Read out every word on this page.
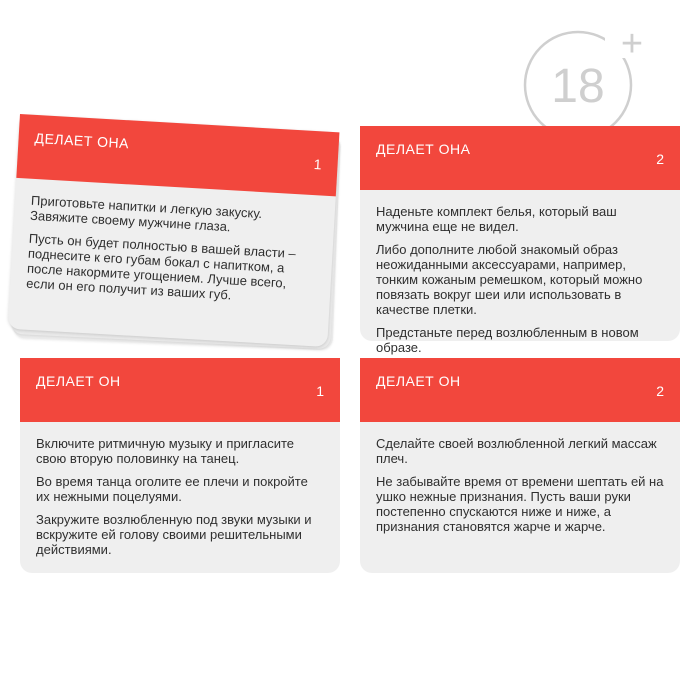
18
+
ДЕЛАЕТ ОНА
1

Приготовьте напитки и легкую закуску. Завяжите своему мужчине глаза.

Пусть он будет полностью в вашей власти – поднесите к его губам бокал с напитком, а после накормите угощением. Лучше всего, если он его получит из ваших губ.

ДЕЛАЕТ ОНА
2

Наденьте комплект белья, который ваш мужчина еще не видел.

Либо дополните любой знакомый образ неожиданными аксессуарами, например, тонким кожаным ремешком, который можно повязать вокруг шеи или использовать в качестве плетки.

Предстаньте перед возлюбленным в новом образе.

ДЕЛАЕТ ОН
1

Включите ритмичную музыку и пригласите свою вторую половинку на танец.

Во время танца оголите ее плечи и покройте их нежными поцелуями.

Закружите возлюбленную под звуки музыки и вскружите ей голову своими решительными действиями.

ДЕЛАЕТ ОН
2

Сделайте своей возлюбленной легкий массаж плеч.

Не забывайте время от времени шептать ей на ушко нежные признания. Пусть ваши руки постепенно спускаются ниже и ниже, а признания становятся жарче и жарче.
